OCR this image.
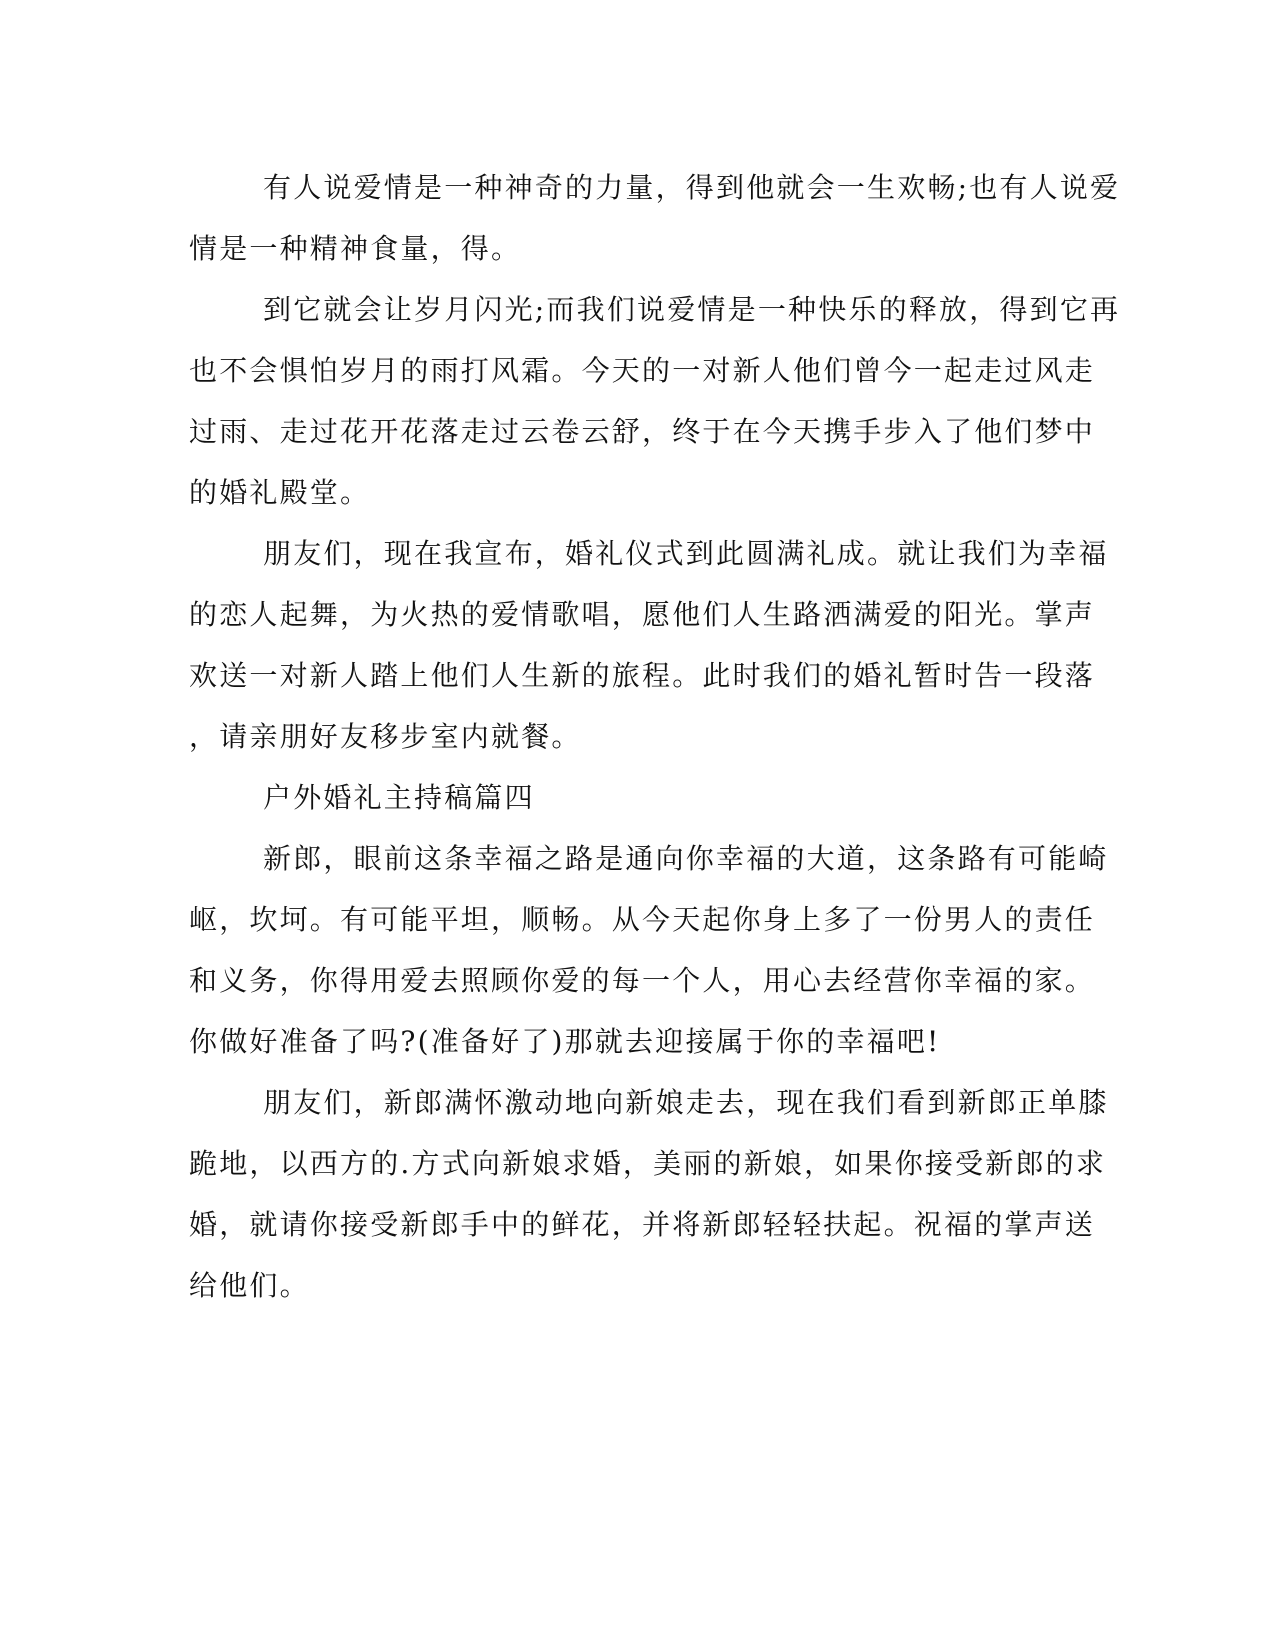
有人说爱情是一种神奇的力量，得到他就会一生欢畅;也有人说爱
情是一种精神食量，得。
到它就会让岁月闪光;而我们说爱情是一种快乐的释放，得到它再
也不会惧怕岁月的雨打风霜。今天的一对新人他们曾今一起走过风走
过雨、走过花开花落走过云卷云舒，终于在今天携手步入了他们梦中
的婚礼殿堂。
朋友们，现在我宣布，婚礼仪式到此圆满礼成。就让我们为幸福
的恋人起舞，为火热的爱情歌唱，愿他们人生路洒满爱的阳光。掌声
欢送一对新人踏上他们人生新的旅程。此时我们的婚礼暂时告一段落
，请亲朋好友移步室内就餐。
户外婚礼主持稿篇四
新郎，眼前这条幸福之路是通向你幸福的大道，这条路有可能崎
岖，坎坷。有可能平坦，顺畅。从今天起你身上多了一份男人的责任
和义务，你得用爱去照顾你爱的每一个人，用心去经营你幸福的家。
你做好准备了吗?(准备好了)那就去迎接属于你的幸福吧!
朋友们，新郎满怀激动地向新娘走去，现在我们看到新郎正单膝
跪地，以西方的.方式向新娘求婚，美丽的新娘，如果你接受新郎的求
婚，就请你接受新郎手中的鲜花，并将新郎轻轻扶起。祝福的掌声送
给他们。
